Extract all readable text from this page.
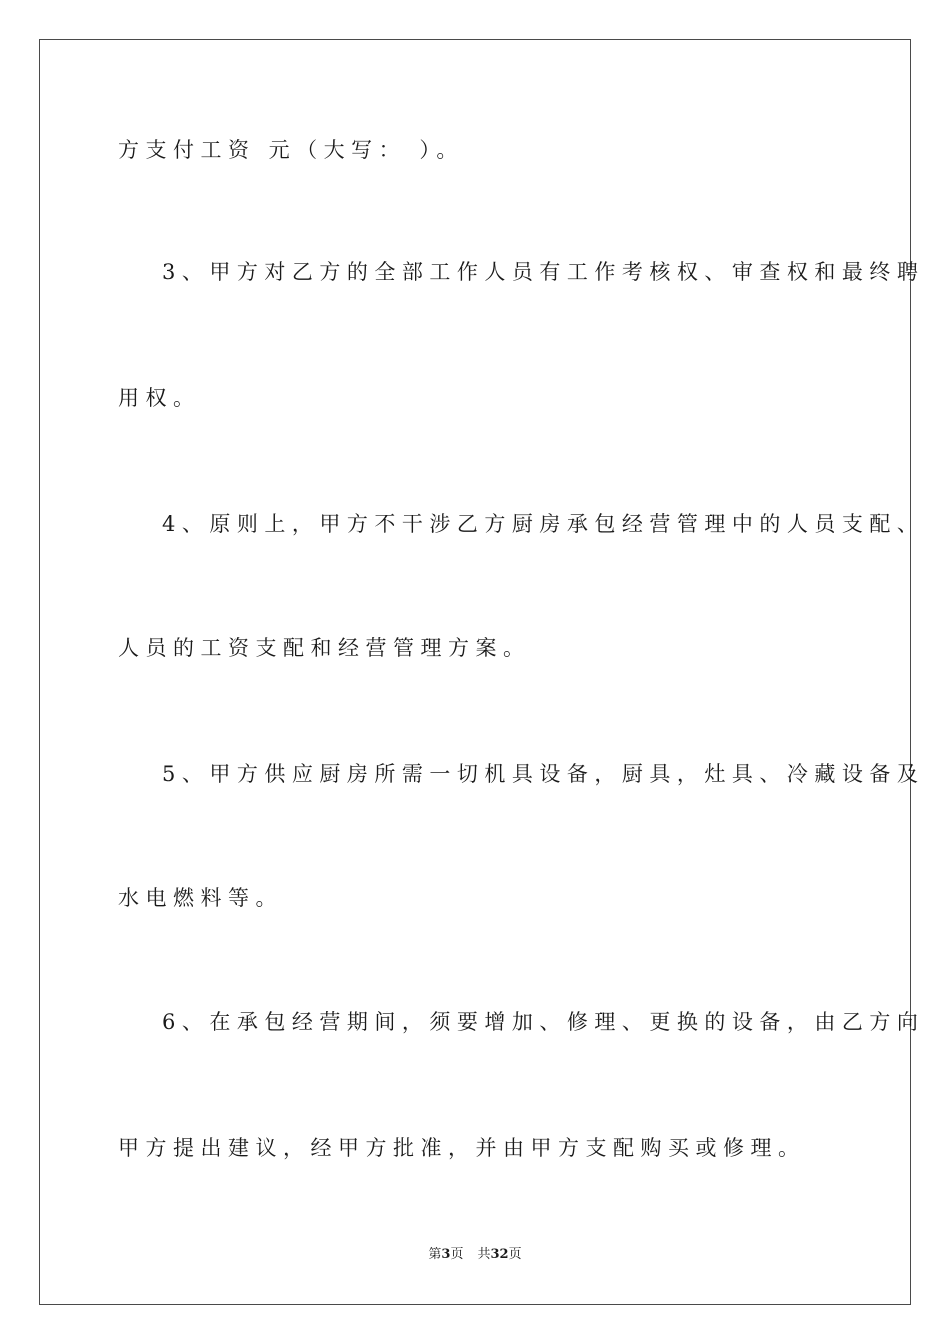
方支付工资 元（大写： ）。
3、甲方对乙方的全部工作人员有工作考核权、审查权和最终聘
用权。
4、原则上，甲方不干涉乙方厨房承包经营管理中的人员支配、
人员的工资支配和经营管理方案。
5、甲方供应厨房所需一切机具设备，厨具，灶具、冷藏设备及
水电燃料等。
6、在承包经营期间，须要增加、修理、更换的设备，由乙方向
甲方提出建议，经甲方批准，并由甲方支配购买或修理。
第3页 共32页
